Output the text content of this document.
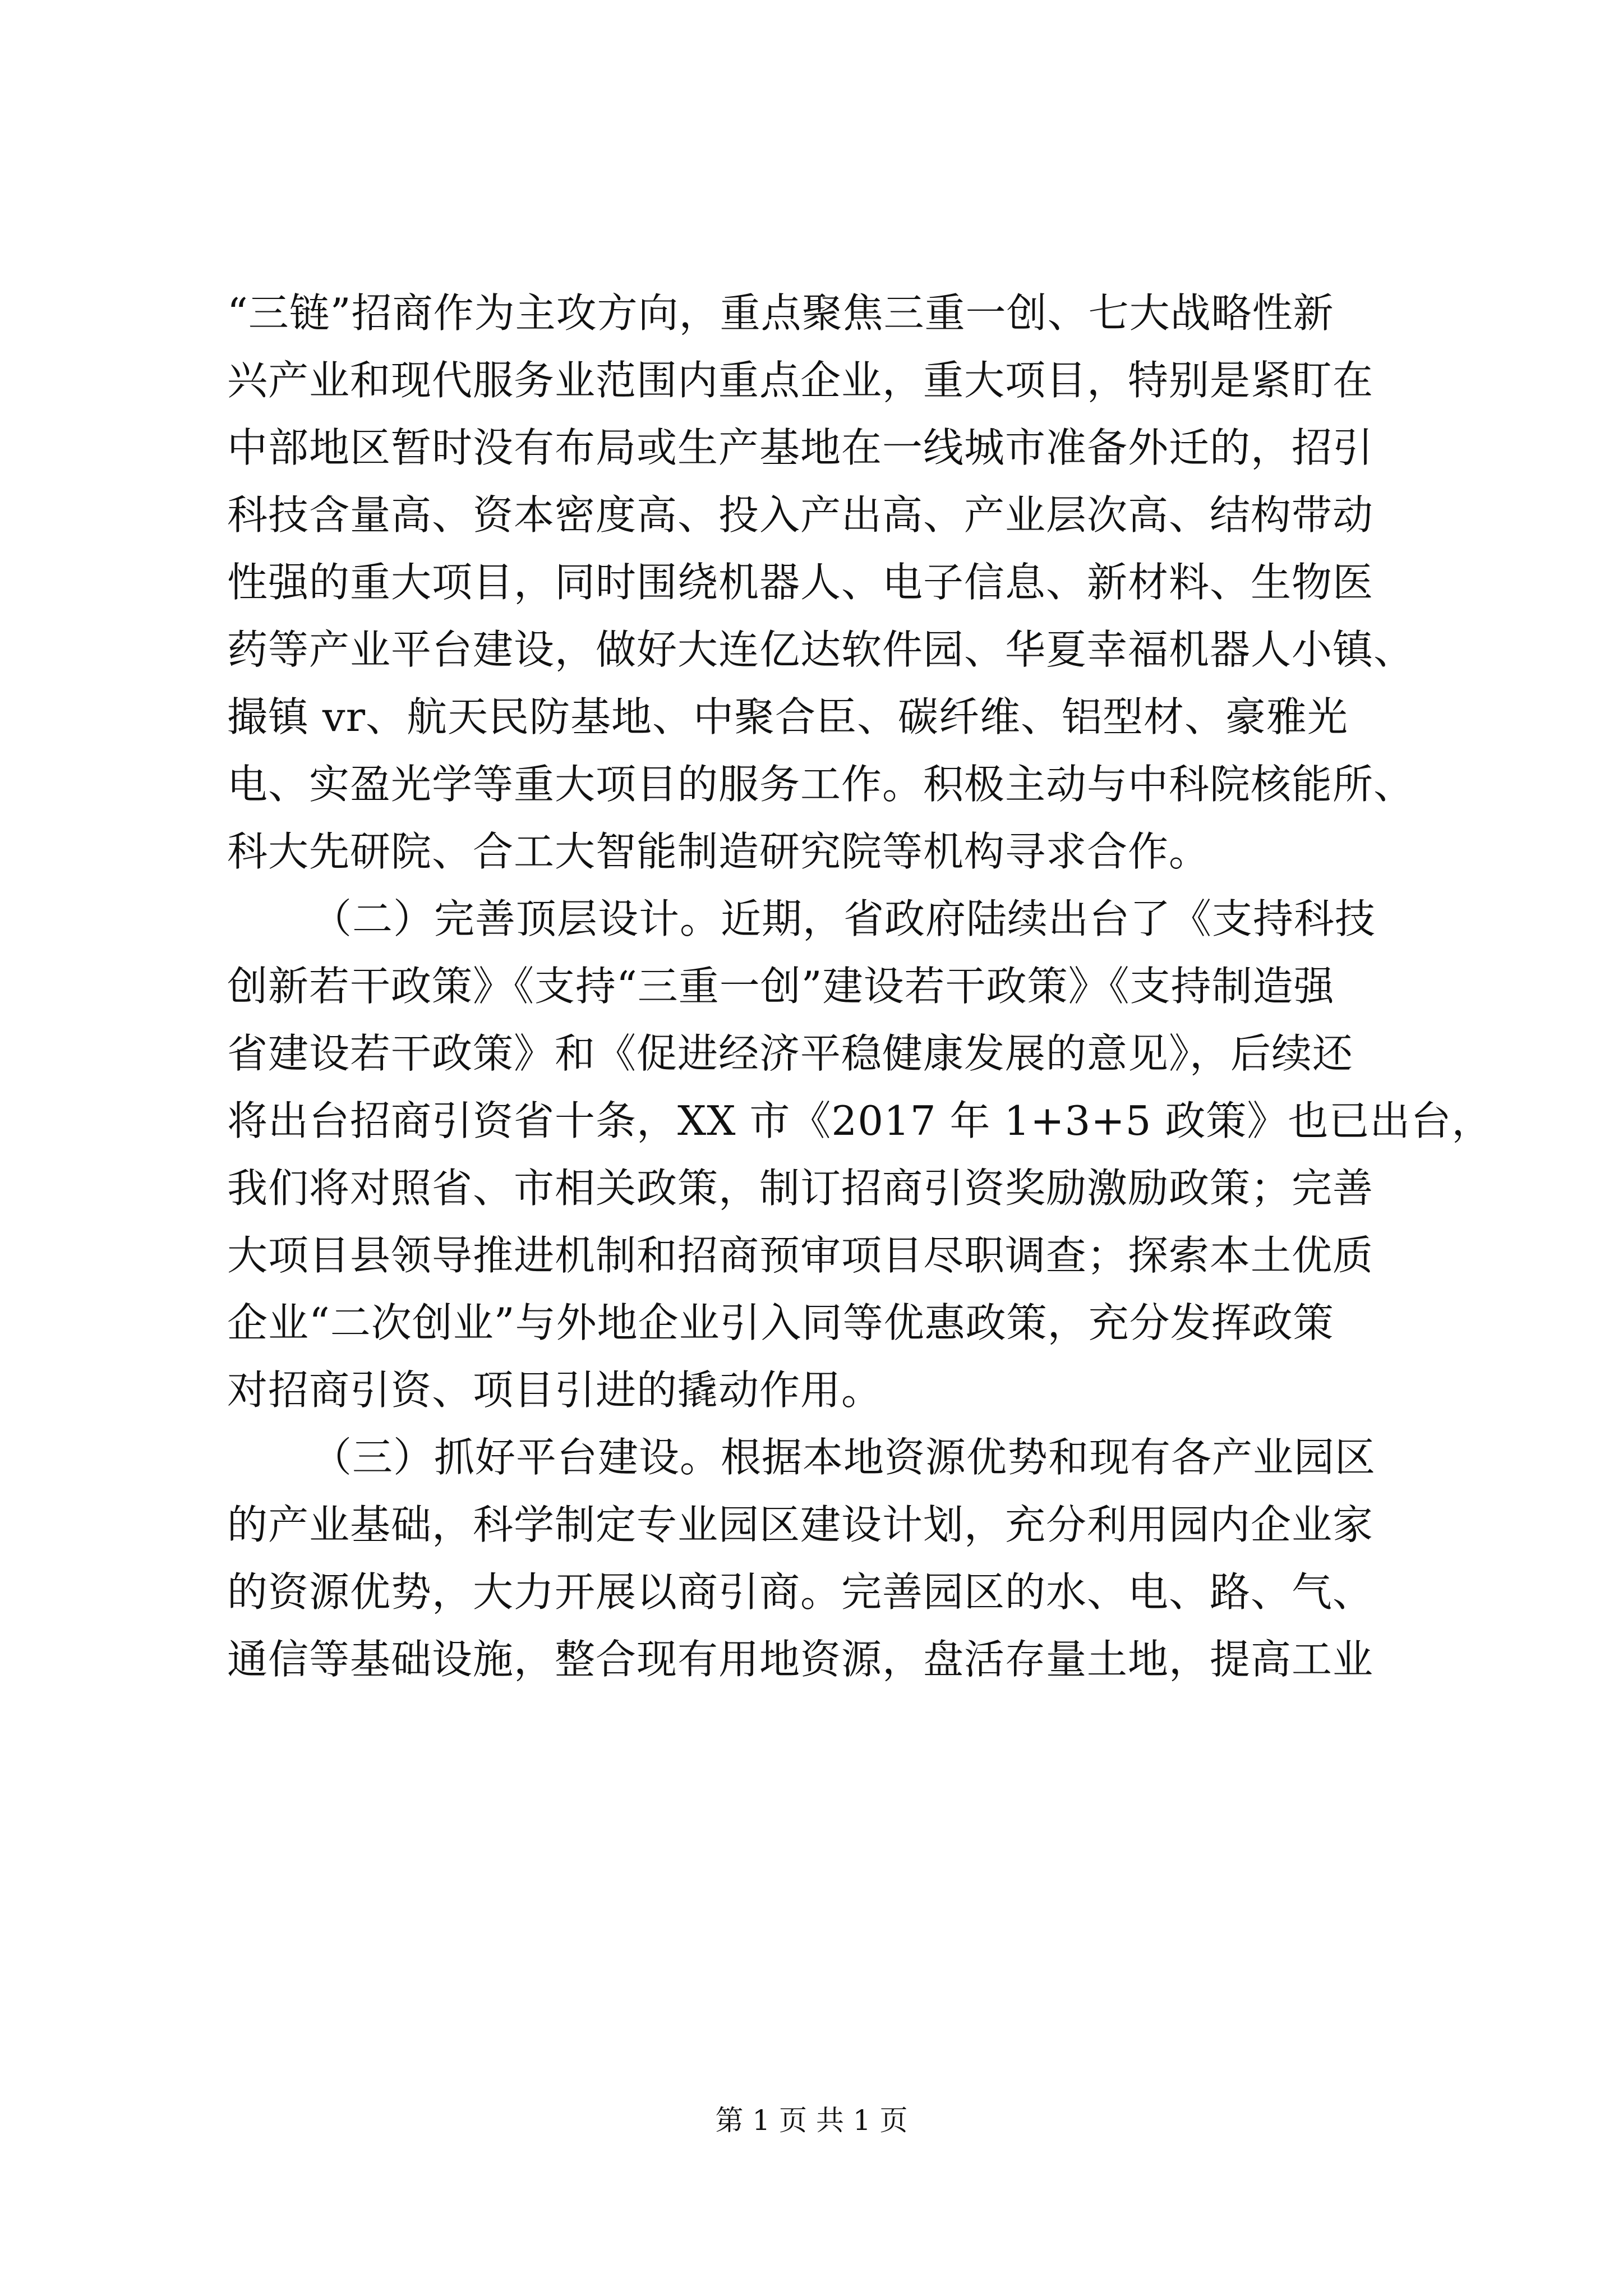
“三链”招商作为主攻方向，重点聚焦三重一创、七大战略性新
兴产业和现代服务业范围内重点企业，重大项目，特别是紧盯在
中部地区暂时没有布局或生产基地在一线城市准备外迁的，招引
科技含量高、资本密度高、投入产出高、产业层次高、结构带动
性强的重大项目，同时围绕机器人、电子信息、新材料、生物医
药等产业平台建设，做好大连亿达软件园、华夏幸福机器人小镇、
撮镇 vr、航天民防基地、中聚合臣、碳纤维、铝型材、豪雅光
电、实盈光学等重大项目的服务工作。积极主动与中科院核能所、
科大先研院、合工大智能制造研究院等机构寻求合作。
（二）完善顶层设计。近期，省政府陆续出台了《支持科技
创新若干政策》《支持“三重一创”建设若干政策》《支持制造强
省建设若干政策》和《促进经济平稳健康发展的意见》，后续还
将出台招商引资省十条，XX 市《2017 年 1+3+5 政策》也已出台，
我们将对照省、市相关政策，制订招商引资奖励激励政策；完善
大项目县领导推进机制和招商预审项目尽职调查；探索本土优质
企业“二次创业”与外地企业引入同等优惠政策，充分发挥政策
对招商引资、项目引进的撬动作用。
（三）抓好平台建设。根据本地资源优势和现有各产业园区
的产业基础，科学制定专业园区建设计划，充分利用园内企业家
的资源优势，大力开展以商引商。完善园区的水、电、路、气、
通信等基础设施，整合现有用地资源，盘活存量土地，提高工业
第 1 页 共 1 页
